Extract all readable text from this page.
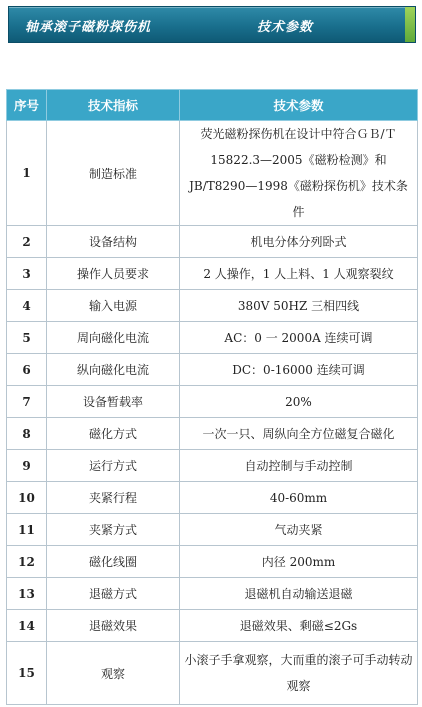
轴承滚子磁粉探伤机	技术参数
序号	技术指标	技术参数
1	制造标准	荧光磁粉探伤机在设计中符合ＧＢ/Ｔ 15822.3—2005《磁粉检测》和 JB/T8290—1998《磁粉探伤机》技术条件
2	设备结构	机电分体分列卧式
3	操作人员要求	2 人操作，1 人上料、1 人观察裂纹
4	输入电源	380V 50HZ 三相四线
5	周向磁化电流	AC：0 一 2000A 连续可调
6	纵向磁化电流	DC：0-16000 连续可调
7	设备暂载率	20%
8	磁化方式	一次一只、周纵向全方位磁复合磁化
9	运行方式	自动控制与手动控制
10	夹紧行程	40-60mm
11	夹紧方式	气动夹紧
12	磁化线圈	内径 200mm
13	退磁方式	退磁机自动输送退磁
14	退磁效果	退磁效果、剩磁≤2Gs
15	观察	小滚子手拿观察，大而重的滚子可手动转动观察
